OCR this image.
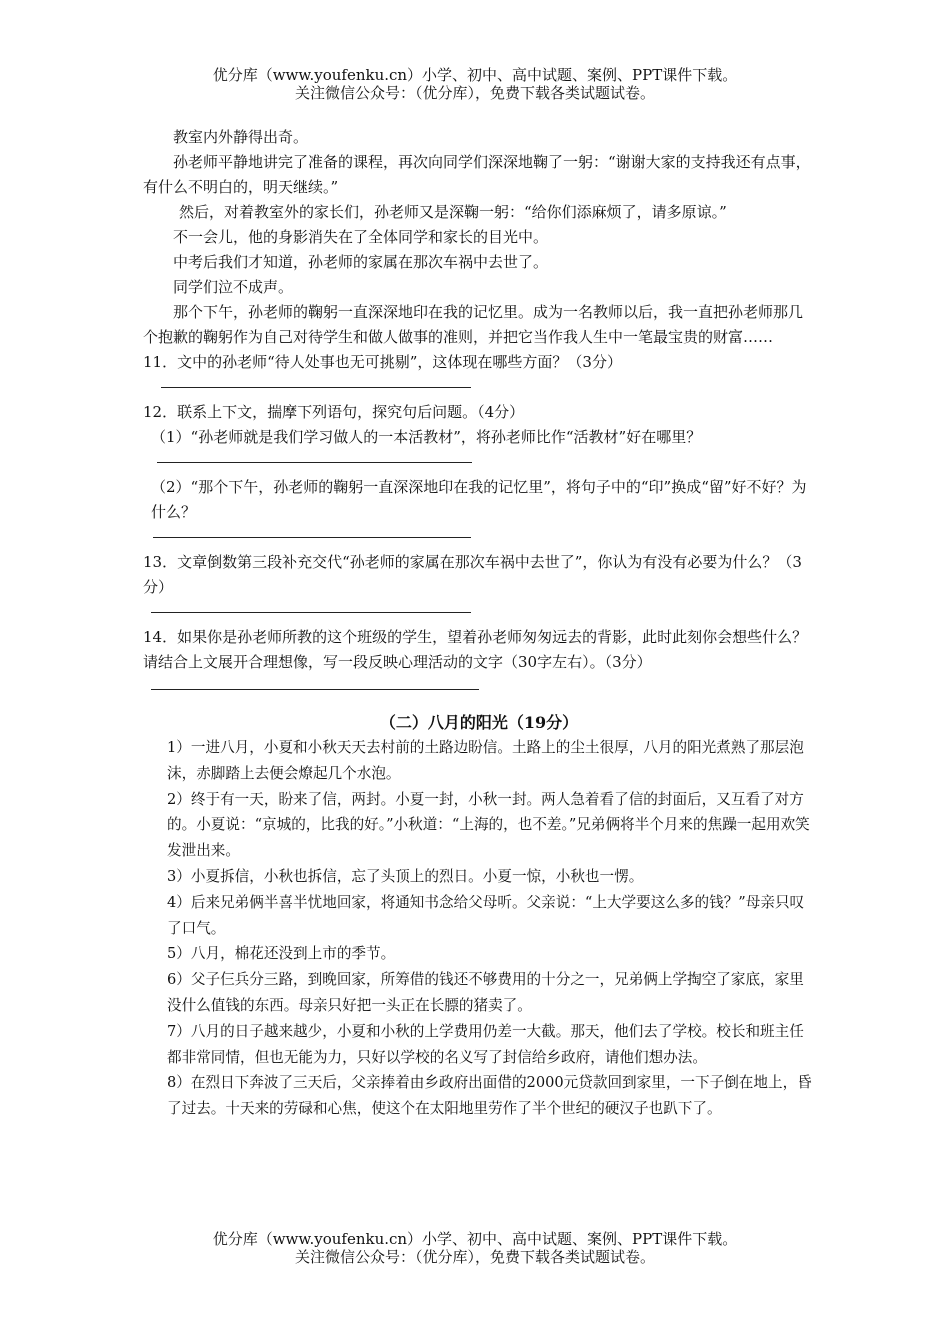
优分库（www.youfenku.cn）小学、初中、高中试题、案例、PPT课件下载。
关注微信公众号：（优分库），免费下载各类试题试卷。

教室内外静得出奇。

孙老师平静地讲完了准备的课程，再次向同学们深深地鞠了一躬：“谢谢大家的支持我还有点事，有什么不明白的，明天继续。”

然后，对着教室外的家长们，孙老师又是深鞠一躬：“给你们添麻烦了，请多原谅。”

不一会儿，他的身影消失在了全体同学和家长的目光中。

中考后我们才知道，孙老师的家属在那次车祸中去世了。

同学们泣不成声。

那个下午，孙老师的鞠躬一直深深地印在我的记忆里。成为一名教师以后，我一直把孙老师那几个抱歉的鞠躬作为自己对待学生和做人做事的准则，并把它当作我人生中一笔最宝贵的财富……

11．文中的孙老师“待人处事也无可挑剔”，这体现在哪些方面？（3分）

12．联系上下文，揣摩下列语句，探究句后问题。（4分）

（1）“孙老师就是我们学习做人的一本活教材”，将孙老师比作“活教材”好在哪里？

（2）“那个下午，孙老师的鞠躬一直深深地印在我的记忆里”，将句子中的“印”换成“留”好不好？为什么？

13．文章倒数第三段补充交代“孙老师的家属在那次车祸中去世了”，你认为有没有必要为什么？（3分）

14．如果你是孙老师所教的这个班级的学生，望着孙老师匆匆远去的背影，此时此刻你会想些什么？请结合上文展开合理想像，写一段反映心理活动的文字（30字左右）。（3分）

（二）八月的阳光（19分）

1）一进八月，小夏和小秋天天去村前的土路边盼信。土路上的尘土很厚，八月的阳光煮熟了那层泡沫，赤脚踏上去便会燎起几个水泡。

2）终于有一天，盼来了信，两封。小夏一封，小秋一封。两人急着看了信的封面后，又互看了对方的。小夏说：“京城的，比我的好。”小秋道：“上海的，也不差。”兄弟俩将半个月来的焦躁一起用欢笑发泄出来。

3）小夏拆信，小秋也拆信，忘了头顶上的烈日。小夏一惊，小秋也一愣。

4）后来兄弟俩半喜半忧地回家，将通知书念给父母听。父亲说：“上大学要这么多的钱？”母亲只叹了口气。

5）八月，棉花还没到上市的季节。

6）父子仨兵分三路，到晚回家，所筹借的钱还不够费用的十分之一，兄弟俩上学掏空了家底，家里没什么值钱的东西。母亲只好把一头正在长膘的猪卖了。

7）八月的日子越来越少，小夏和小秋的上学费用仍差一大截。那天，他们去了学校。校长和班主任都非常同情，但也无能为力，只好以学校的名义写了封信给乡政府，请他们想办法。

8）在烈日下奔波了三天后，父亲捧着由乡政府出面借的2000元贷款回到家里，一下子倒在地上，昏了过去。十天来的劳碌和心焦，使这个在太阳地里劳作了半个世纪的硬汉子也趴下了。

优分库（www.youfenku.cn）小学、初中、高中试题、案例、PPT课件下载。
关注微信公众号：（优分库），免费下载各类试题试卷。
